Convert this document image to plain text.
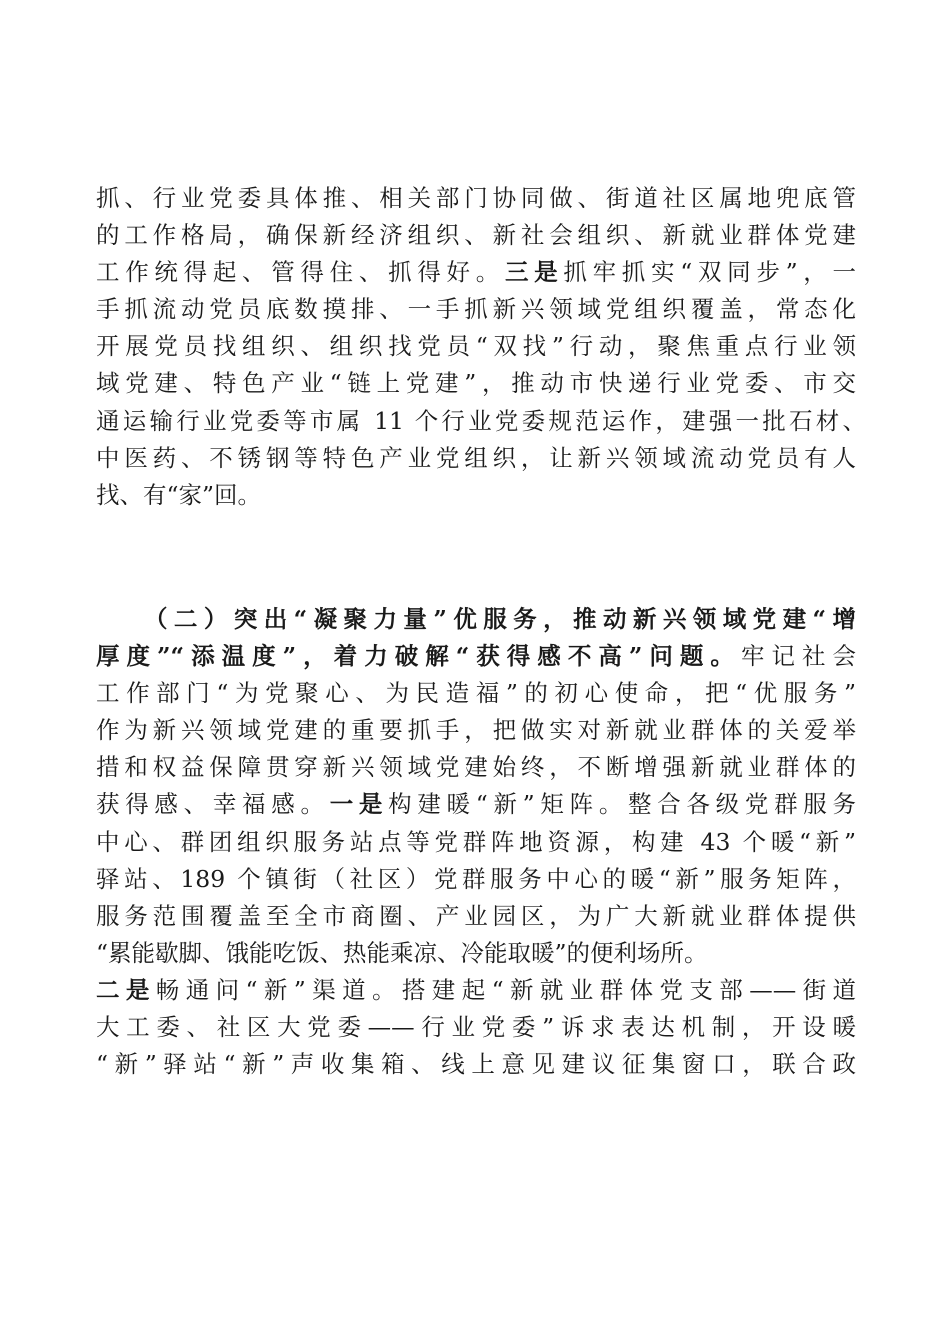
抓、行业党委具体推、相关部门协同做、街道社区属地兜底管
的工作格局，确保新经济组织、新社会组织、新就业群体党建
工作统得起、管得住、抓得好。三是抓牢抓实“双同步”，一
手抓流动党员底数摸排、一手抓新兴领域党组织覆盖，常态化
开展党员找组织、组织找党员“双找”行动，聚焦重点行业领
域党建、特色产业“链上党建”，推动市快递行业党委、市交
通运输行业党委等市属 11 个行业党委规范运作，建强一批石材、
中医药、不锈钢等特色产业党组织，让新兴领域流动党员有人
找、有“家”回。
（二）突出“凝聚力量”优服务，推动新兴领域党建“增
厚度”“添温度”，着力破解“获得感不高”问题。牢记社会
工作部门“为党聚心、为民造福”的初心使命，把“优服务”
作为新兴领域党建的重要抓手，把做实对新就业群体的关爱举
措和权益保障贯穿新兴领域党建始终，不断增强新就业群体的
获得感、幸福感。一是构建暖“新”矩阵。整合各级党群服务
中心、群团组织服务站点等党群阵地资源，构建 43 个暖“新”
驿站、189 个镇街（社区）党群服务中心的暖“新”服务矩阵，
服务范围覆盖至全市商圈、产业园区，为广大新就业群体提供
“累能歇脚、饿能吃饭、热能乘凉、冷能取暖”的便利场所。
二是畅通问“新”渠道。搭建起“新就业群体党支部——街道
大工委、社区大党委——行业党委”诉求表达机制，开设暖
“新”驿站“新”声收集箱、线上意见建议征集窗口，联合政
